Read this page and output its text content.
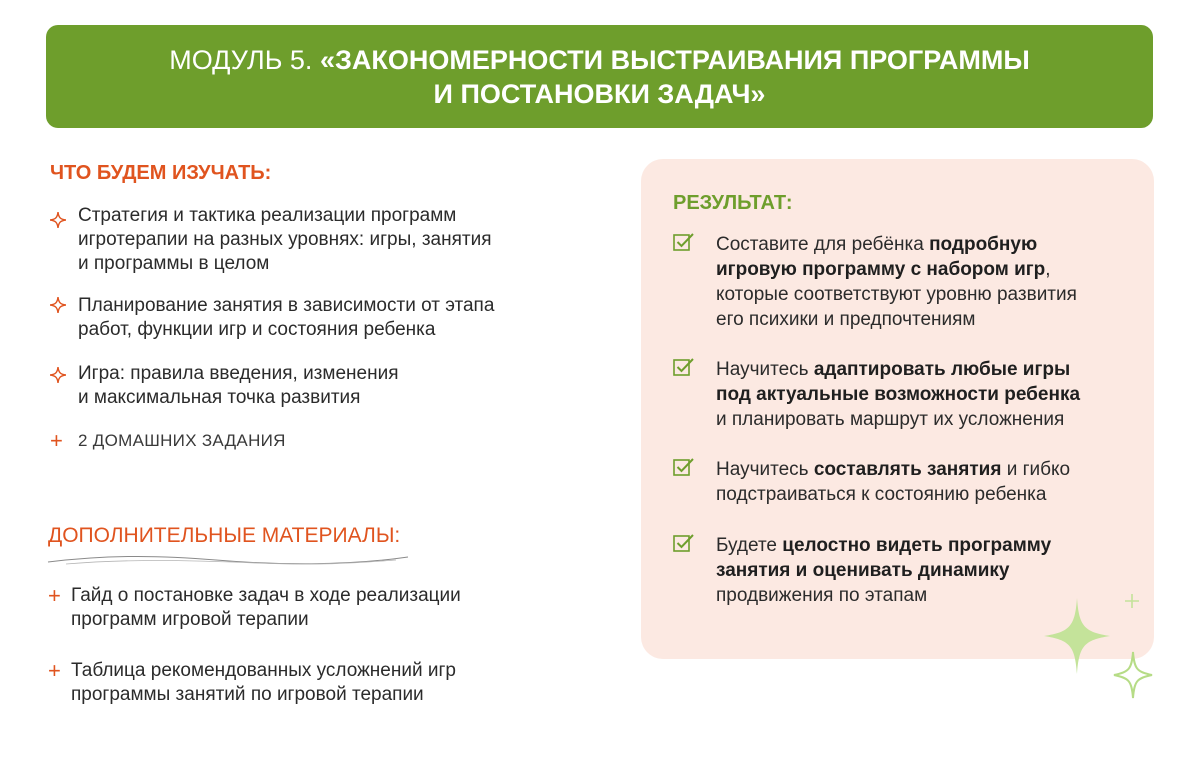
МОДУЛЬ 5. «ЗАКОНОМЕРНОСТИ ВЫСТРАИВАНИЯ ПРОГРАММЫ
И ПОСТАНОВКИ ЗАДАЧ»
ЧТО БУДЕМ ИЗУЧАТЬ:
Стратегия и тактика реализации программ
игротерапии на разных уровнях: игры, занятия
и программы в целом
Планирование занятия в зависимости от этапа
работ, функции игр и состояния ребенка
Игра: правила введения, изменения
и максимальная точка развития
+ 2 ДОМАШНИХ ЗАДАНИЯ
ДОПОЛНИТЕЛЬНЫЕ МАТЕРИАЛЫ:
+ Гайд о постановке задач в ходе реализации
программ игровой терапии
+ Таблица рекомендованных усложнений игр
программы занятий по игровой терапии
РЕЗУЛЬТАТ:
Составите для ребёнка подробную
игровую программу с набором игр,
которые соответствуют уровню развития
его психики и предпочтениям
Научитесь адаптировать любые игры
под актуальные возможности ребенка
и планировать маршрут их усложнения
Научитесь составлять занятия и гибко
подстраиваться к состоянию ребенка
Будете целостно видеть программу
занятия и оценивать динамику
продвижения по этапам
